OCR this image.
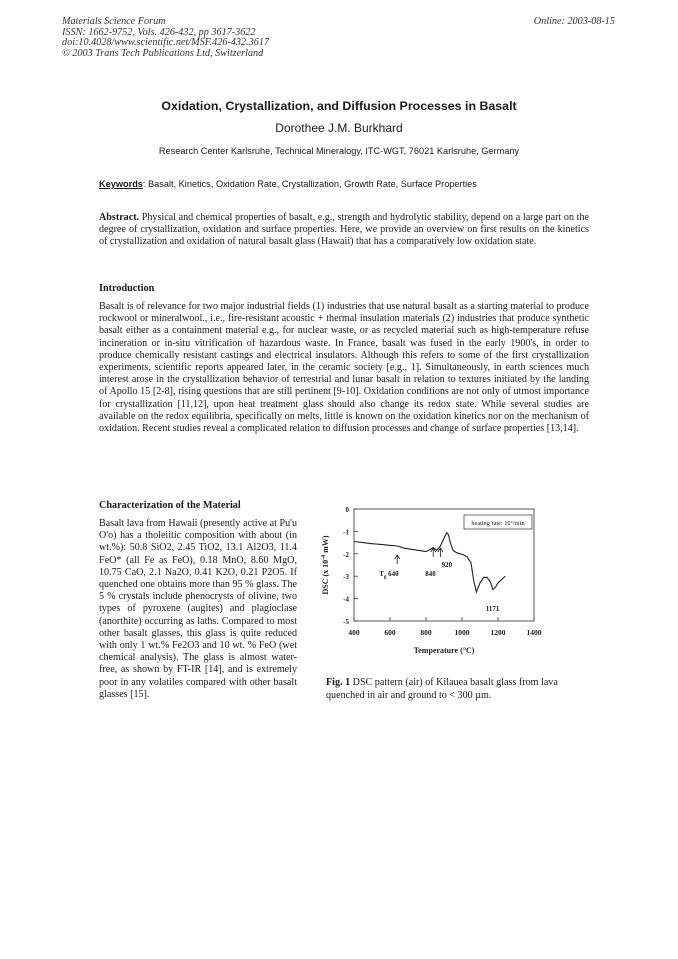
Materials Science Forum
ISSN: 1662-9752, Vols. 426-432, pp 3617-3622
doi:10.4028/www.scientific.net/MSF.426-432.3617
© 2003 Trans Tech Publications Ltd, Switzerland
Online: 2003-08-15
Oxidation, Crystallization, and Diffusion Processes in Basalt
Dorothee J.M. Burkhard
Research Center Karlsruhe, Technical Mineralogy, ITC-WGT, 76021 Karlsruhe, Germany
Keywords: Basalt, Kinetics, Oxidation Rate, Crystallization, Growth Rate, Surface Properties
Abstract. Physical and chemical properties of basalt, e.g., strength and hydrolytic stability, depend on a large part on the degree of crystallization, oxidation and surface properties. Here, we provide an overview on first results on the kinetics of crystallization and oxidation of natural basalt glass (Hawaii) that has a comparatively low oxidation state.
Introduction
Basalt is of relevance for two major industrial fields (1) industries that use natural basalt as a starting material to produce rockwool or mineralwool., i.e., fire-resistant acoustic + thermal insulation materials (2) industries that produce synthetic basalt either as a containment material e.g., for nuclear waste, or as recycled material such as high-temperature refuse incineration or in-situ vitrification of hazardous waste. In France, basalt was fused in the early 1900's, in order to produce chemically resistant castings and electrical insulators. Although this refers to some of the first crystallization experiments, scientific reports appeared later, in the ceramic society [e.g., 1]. Simultaneously, in earth sciences much interest arose in the crystallization behavior of terrestrial and lunar basalt in relation to textures initiated by the landing of Apollo 15 [2-8], rising questions that are still pertinent [9-10]. Oxidation conditions are not only of utmost importance for crystallization [11,12], upon heat treatment glass should also change its redox state. While several studies are available on the redox equilibria, specifically on melts, little is known on the oxidation kinetics nor on the mechanism of oxidation. Recent studies reveal a complicated relation to diffusion processes and change of surface properties [13,14].
Characterization of the Material
Basalt lava from Hawaii (presently active at Pu'u O'o) has a tholeiitic composition with about (in wt.%): 50.8 SiO2, 2.45 TiO2, 13.1 Al2O3, 11.4 FeO* (all Fe as FeO), 0.18 MnO, 8.60 MgO, 10.75 CaO, 2.1 Na2O, 0.41 K2O, 0.21 P2O5. If quenched one obtains more than 95 % glass. The 5 % crystals include phenocrysts of olivine, two types of pyroxene (augites) and plagioclase (anorthite) occurring as laths. Compared to most other basalt glasses, this glass is quite reduced with only 1 wt.% Fe2O3 and 10 wt. % FeO (wet chemical analysis). The glass is almost water-free, as shown by FT-IR [14], and is extremely poor in any volatiles compared with other basalt glasses [15].
0
-1
-2
-3
-4
-5
400	600	800	1000	1200	1400
Temperature (°C)
DSC (x $10^{-4}$ mW)
heating rate: 10°/min
$T_g$ 640	840
920
1171
Fig. 1 DSC pattern (air) of Kilauea basalt glass from lava quenched in air and ground to < 300 µm.
